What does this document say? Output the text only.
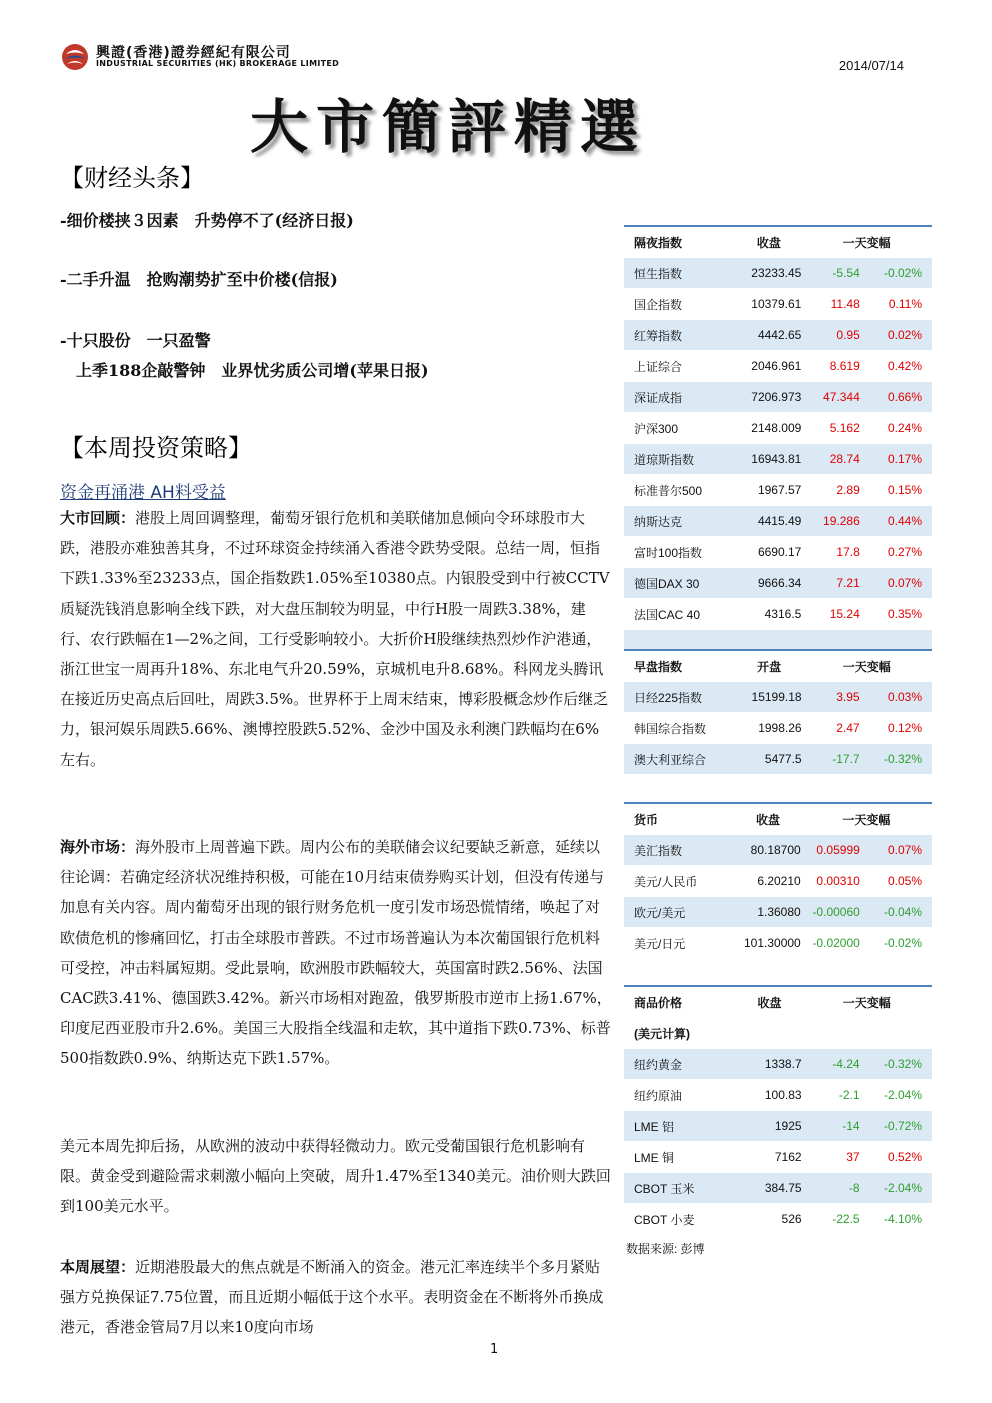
興證(香港)證券經紀有限公司
INDUSTRIAL SECURITIES (HK) BROKERAGE LIMITED	2014/07/14
大市簡評精選
【财经头条】
-细价楼挟３因素　升势停不了(经济日报)
-二手升温　抢购潮势扩至中价楼(信报)
-十只股份　一只盈警
　上季188企敲警钟　业界忧劣质公司增(苹果日报)
【本周投资策略】
资金再涌港 AH料受益
大市回顾：港股上周回调整理，葡萄牙银行危机和美联储加息倾向令环球股市大跌，港股亦难独善其身，不过环球资金持续涌入香港令跌势受限。总结一周，恒指下跌1.33%至23233点，国企指数跌1.05%至10380点。内银股受到中行被CCTV质疑洗钱消息影响全线下跌，对大盘压制较为明显，中行H股一周跌3.38%，建行、农行跌幅在1—2%之间，工行受影响较小。大折价H股继续热烈炒作沪港通，浙江世宝一周再升18%、东北电气升20.59%，京城机电升8.68%。科网龙头腾讯在接近历史高点后回吐，周跌3.5%。世界杯于上周末结束，博彩股概念炒作后继乏力，银河娱乐周跌5.66%、澳博控股跌5.52%、金沙中国及永利澳门跌幅均在6%左右。
海外市场：海外股市上周普遍下跌。周内公布的美联储会议纪要缺乏新意，延续以往论调：若确定经济状况维持积极，可能在10月结束债券购买计划，但没有传递与加息有关内容。周内葡萄牙出现的银行财务危机一度引发市场恐慌情绪，唤起了对欧债危机的惨痛回忆，打击全球股市普跌。不过市场普遍认为本次葡国银行危机料可受控，冲击料属短期。受此景响，欧洲股市跌幅较大，英国富时跌2.56%、法国CAC跌3.41%、德国跌3.42%。新兴市场相对跑盈，俄罗斯股市逆市上扬1.67%，印度尼西亚股市升2.6%。美国三大股指全线温和走软，其中道指下跌0.73%、标普500指数跌0.9%、纳斯达克下跌1.57%。
美元本周先抑后扬，从欧洲的波动中获得轻微动力。欧元受葡国银行危机影响有限。黄金受到避险需求刺激小幅向上突破，周升1.47%至1340美元。油价则大跌回到100美元水平。
本周展望：近期港股最大的焦点就是不断涌入的资金。港元汇率连续半个多月紧贴强方兑换保证7.75位置，而且近期小幅低于这个水平。表明资金在不断将外币换成港元，香港金管局7月以来10度向市场
1
隔夜指数	收盘	一天变幅	
恒生指数	23233.45	-5.54	-0.02%
国企指数	10379.61	11.48	0.11%
红筹指数	4442.65	0.95	0.02%
上证综合	2046.961	8.619	0.42%
深证成指	7206.973	47.344	0.66%
沪深300	2148.009	5.162	0.24%
道琼斯指数	16943.81	28.74	0.17%
标准普尔500	1967.57	2.89	0.15%
纳斯达克	4415.49	19.286	0.44%
富时100指数	6690.17	17.8	0.27%
德国DAX 30	9666.34	7.21	0.07%
法国CAC 40	4316.5	15.24	0.35%

早盘指数	开盘	一天变幅	
日经225指数	15199.18	3.95	0.03%
韩国综合指数	1998.26	2.47	0.12%
澳大利亚综合	5477.5	-17.7	-0.32%
货币	收盘	一天变幅	
美汇指数	80.18700	0.05999	0.07%
美元/人民币	6.20210	0.00310	0.05%
欧元/美元	1.36080	-0.00060	-0.04%
美元/日元	101.30000	-0.02000	-0.02%
商品价格	收盘	一天变幅	
(美元计算)			
纽约黄金	1338.7	-4.24	-0.32%
纽约原油	100.83	-2.1	-2.04%
LME 铝	1925	-14	-0.72%
LME 铜	7162	37	0.52%
CBOT 玉米	384.75	-8	-2.04%
CBOT 小麦	526	-22.5	-4.10%
数据来源: 彭博
